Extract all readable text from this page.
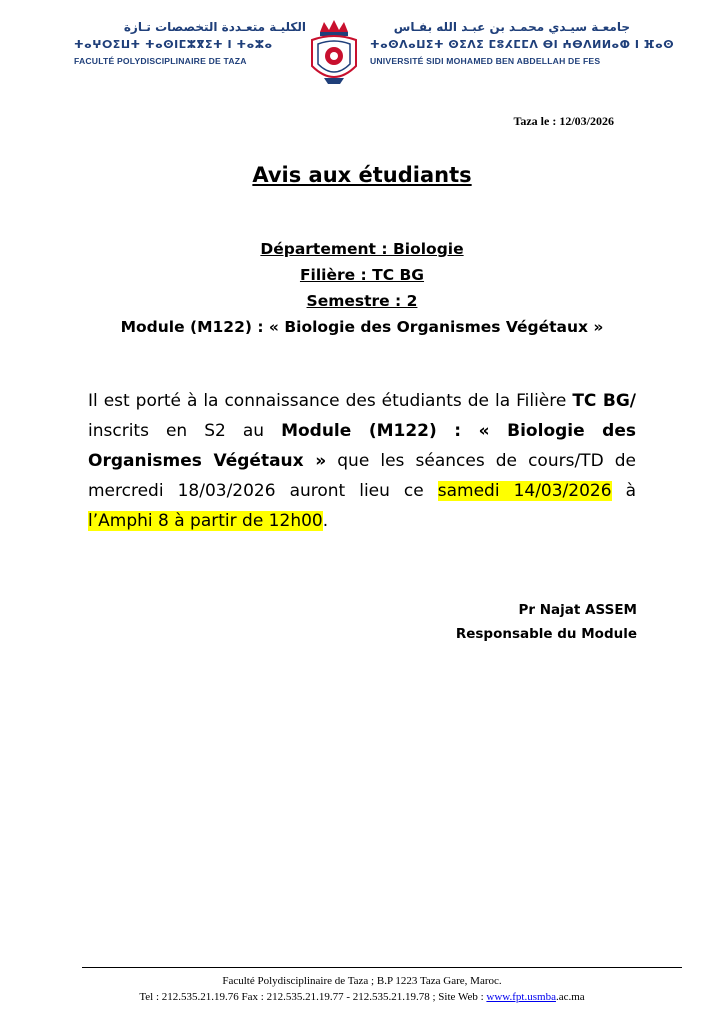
الكليـة متعـددة التخصصات تـازة
ⵜⴰⵖⵔⵉⵡⵜ ⵜⴰⵙⵏⵎⵣⴳⵉⵜ ⵏ ⵜⴰⵣⴰ
FACULTÉ POLYDISCIPLINAIRE DE TAZA
جامعـة سيـدي محمـد بن عبـد الله بفـاس
ⵜⴰⵙⴷⴰⵡⵉⵜ ⵙⵉⴷⵉ ⵎⵓⵃⵎⵎⴷ ⴱⵏ ⵄⴱⴷⵍⵍⴰⵀ ⵏ ⴼⴰⵙ
UNIVERSITÉ SIDI MOHAMED BEN ABDELLAH DE FES
Taza le : 12/03/2026
Avis aux étudiants
Département : Biologie
Filière : TC BG
Semestre : 2
Module (M122) : « Biologie des Organismes Végétaux »
Il est porté à la connaissance des étudiants de la Filière TC BG/ inscrits en S2 au Module (M122) : « Biologie des Organismes Végétaux » que les séances de cours/TD de mercredi 18/03/2026 auront lieu ce samedi 14/03/2026 à l’Amphi 8 à partir de 12h00.
Pr Najat ASSEM
Responsable du Module
Faculté Polydisciplinaire de Taza ; B.P 1223 Taza Gare, Maroc.
Tel : 212.535.21.19.76 Fax : 212.535.21.19.77 - 212.535.21.19.78 ; Site Web : www.fpt.usmba.ac.ma
